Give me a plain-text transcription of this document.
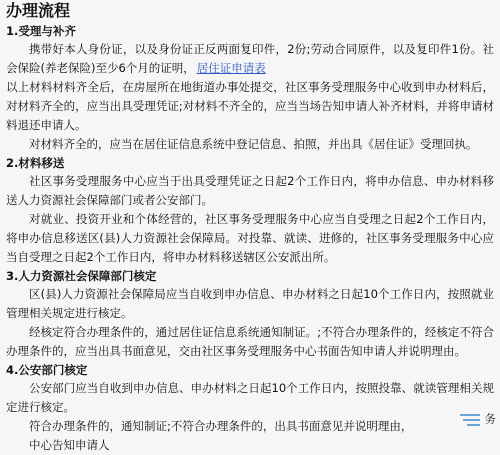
办理流程
1.受理与补齐

携带好本人身份证，以及身份证正反两面复印件，2份;劳动合同原件，以及复印件1份。社会保险(养老保险)至少6个月的证明， 居住证申请表

以上材料材料齐全后，在房屋所在地街道办事处提交，社区事务受理服务中心收到申办材料后，对材料齐全的，应当出具受理凭证;对材料不齐全的，应当当场告知申请人补齐材料，并将申请材料退还申请人。

对材料齐全的，应当在居住证信息系统中登记信息、拍照，并出具《居住证》受理回执。

2.材料移送

社区事务受理服务中心应当于出具受理凭证之日起2个工作日内，将申办信息、申办材料移送人力资源社会保障部门或者公安部门。

对就业、投资开业和个体经营的，社区事务受理服务中心应当自受理之日起2个工作日内，将申办信息移送区(县)人力资源社会保障局。对投靠、就读、进修的，社区事务受理服务中心应当自受理之日起2个工作日内，将申办材料移送辖区公安派出所。

3.人力资源社会保障部门核定

区(县)人力资源社会保障局应当自收到申办信息、申办材料之日起10个工作日内，按照就业管理相关规定进行核定。

经核定符合办理条件的，通过居住证信息系统通知制证。;不符合办理条件的，经核定不符合办理条件的，应当出具书面意见，交由社区事务受理服务中心书面告知申请人并说明理由。

4.公安部门核定

公安部门应当自收到申办信息、申办材料之日起10个工作日内，按照投靠、就读管理相关规定进行核定。

符合办理条件的，通知制证;不符合办理条件的，出具书面意见并说明理由，

中心告知申请人

务
